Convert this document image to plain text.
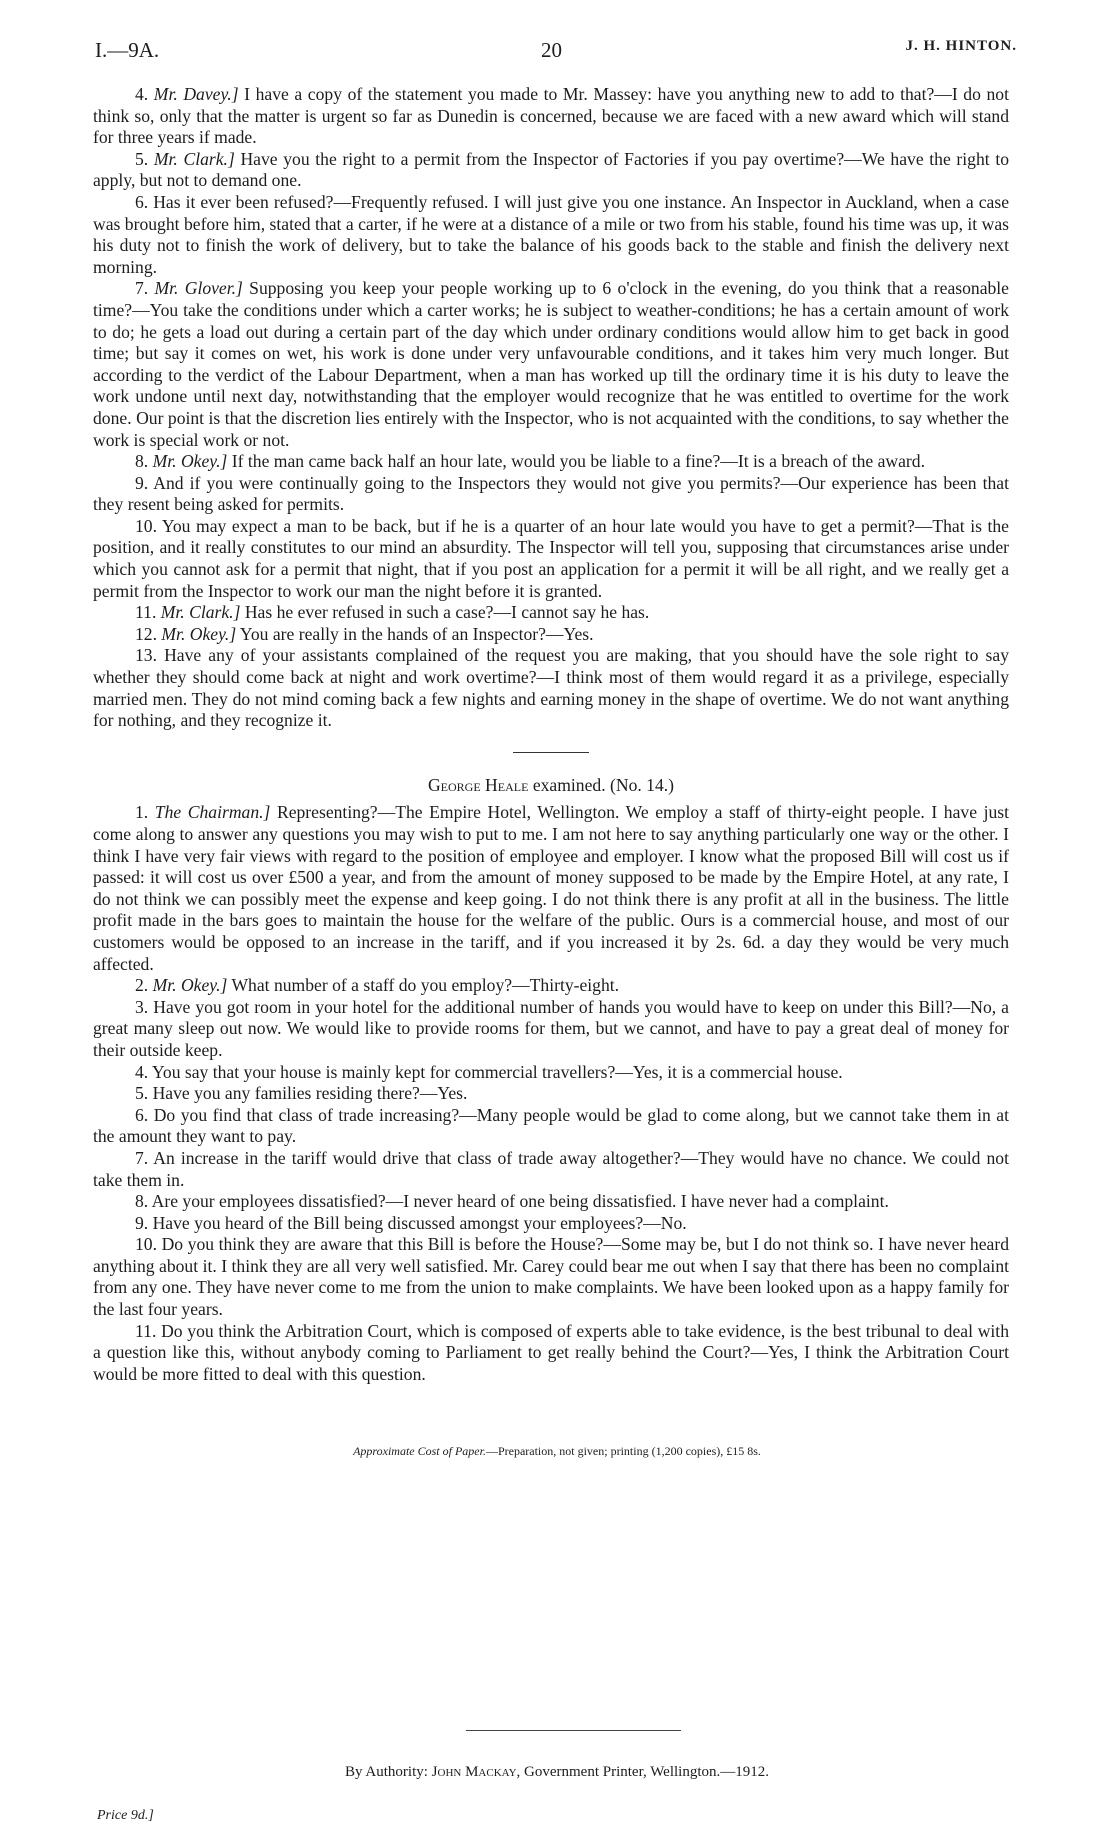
I.—9A.	20	J. H. HINTON.

4. Mr. Davey.] I have a copy of the statement you made to Mr. Massey: have you anything new to add to that?—I do not think so, only that the matter is urgent so far as Dunedin is concerned, because we are faced with a new award which will stand for three years if made.

5. Mr. Clark.] Have you the right to a permit from the Inspector of Factories if you pay overtime?—We have the right to apply, but not to demand one.

6. Has it ever been refused?—Frequently refused. I will just give you one instance. An Inspector in Auckland, when a case was brought before him, stated that a carter, if he were at a distance of a mile or two from his stable, found his time was up, it was his duty not to finish the work of delivery, but to take the balance of his goods back to the stable and finish the delivery next morning.

7. Mr. Glover.] Supposing you keep your people working up to 6 o'clock in the evening, do you think that a reasonable time?—You take the conditions under which a carter works; he is subject to weather-conditions; he has a certain amount of work to do; he gets a load out during a certain part of the day which under ordinary conditions would allow him to get back in good time; but say it comes on wet, his work is done under very unfavourable conditions, and it takes him very much longer. But according to the verdict of the Labour Department, when a man has worked up till the ordinary time it is his duty to leave the work undone until next day, notwithstanding that the employer would recognize that he was entitled to overtime for the work done. Our point is that the discretion lies entirely with the Inspector, who is not acquainted with the conditions, to say whether the work is special work or not.

8. Mr. Okey.] If the man came back half an hour late, would you be liable to a fine?—It is a breach of the award.

9. And if you were continually going to the Inspectors they would not give you permits?—Our experience has been that they resent being asked for permits.

10. You may expect a man to be back, but if he is a quarter of an hour late would you have to get a permit?—That is the position, and it really constitutes to our mind an absurdity. The Inspector will tell you, supposing that circumstances arise under which you cannot ask for a permit that night, that if you post an application for a permit it will be all right, and we really get a permit from the Inspector to work our man the night before it is granted.

11. Mr. Clark.] Has he ever refused in such a case?—I cannot say he has.

12. Mr. Okey.] You are really in the hands of an Inspector?—Yes.

13. Have any of your assistants complained of the request you are making, that you should have the sole right to say whether they should come back at night and work overtime?—I think most of them would regard it as a privilege, especially married men. They do not mind coming back a few nights and earning money in the shape of overtime. We do not want anything for nothing, and they recognize it.

George Heale examined. (No. 14.)

1. The Chairman.] Representing?—The Empire Hotel, Wellington. We employ a staff of thirty-eight people. I have just come along to answer any questions you may wish to put to me. I am not here to say anything particularly one way or the other. I think I have very fair views with regard to the position of employee and employer. I know what the proposed Bill will cost us if passed: it will cost us over £500 a year, and from the amount of money supposed to be made by the Empire Hotel, at any rate, I do not think we can possibly meet the expense and keep going. I do not think there is any profit at all in the business. The little profit made in the bars goes to maintain the house for the welfare of the public. Ours is a commercial house, and most of our customers would be opposed to an increase in the tariff, and if you increased it by 2s. 6d. a day they would be very much affected.

2. Mr. Okey.] What number of a staff do you employ?—Thirty-eight.

3. Have you got room in your hotel for the additional number of hands you would have to keep on under this Bill?—No, a great many sleep out now. We would like to provide rooms for them, but we cannot, and have to pay a great deal of money for their outside keep.

4. You say that your house is mainly kept for commercial travellers?—Yes, it is a commercial house.

5. Have you any families residing there?—Yes.

6. Do you find that class of trade increasing?—Many people would be glad to come along, but we cannot take them in at the amount they want to pay.

7. An increase in the tariff would drive that class of trade away altogether?—They would have no chance. We could not take them in.

8. Are your employees dissatisfied?—I never heard of one being dissatisfied. I have never had a complaint.

9. Have you heard of the Bill being discussed amongst your employees?—No.

10. Do you think they are aware that this Bill is before the House?—Some may be, but I do not think so. I have never heard anything about it. I think they are all very well satisfied. Mr. Carey could bear me out when I say that there has been no complaint from any one. They have never come to me from the union to make complaints. We have been looked upon as a happy family for the last four years.

11. Do you think the Arbitration Court, which is composed of experts able to take evidence, is the best tribunal to deal with a question like this, without anybody coming to Parliament to get really behind the Court?—Yes, I think the Arbitration Court would be more fitted to deal with this question.

Approximate Cost of Paper.—Preparation, not given; printing (1,200 copies), £15 8s.
By Authority: John Mackay, Government Printer, Wellington.—1912.
Price 9d.]
